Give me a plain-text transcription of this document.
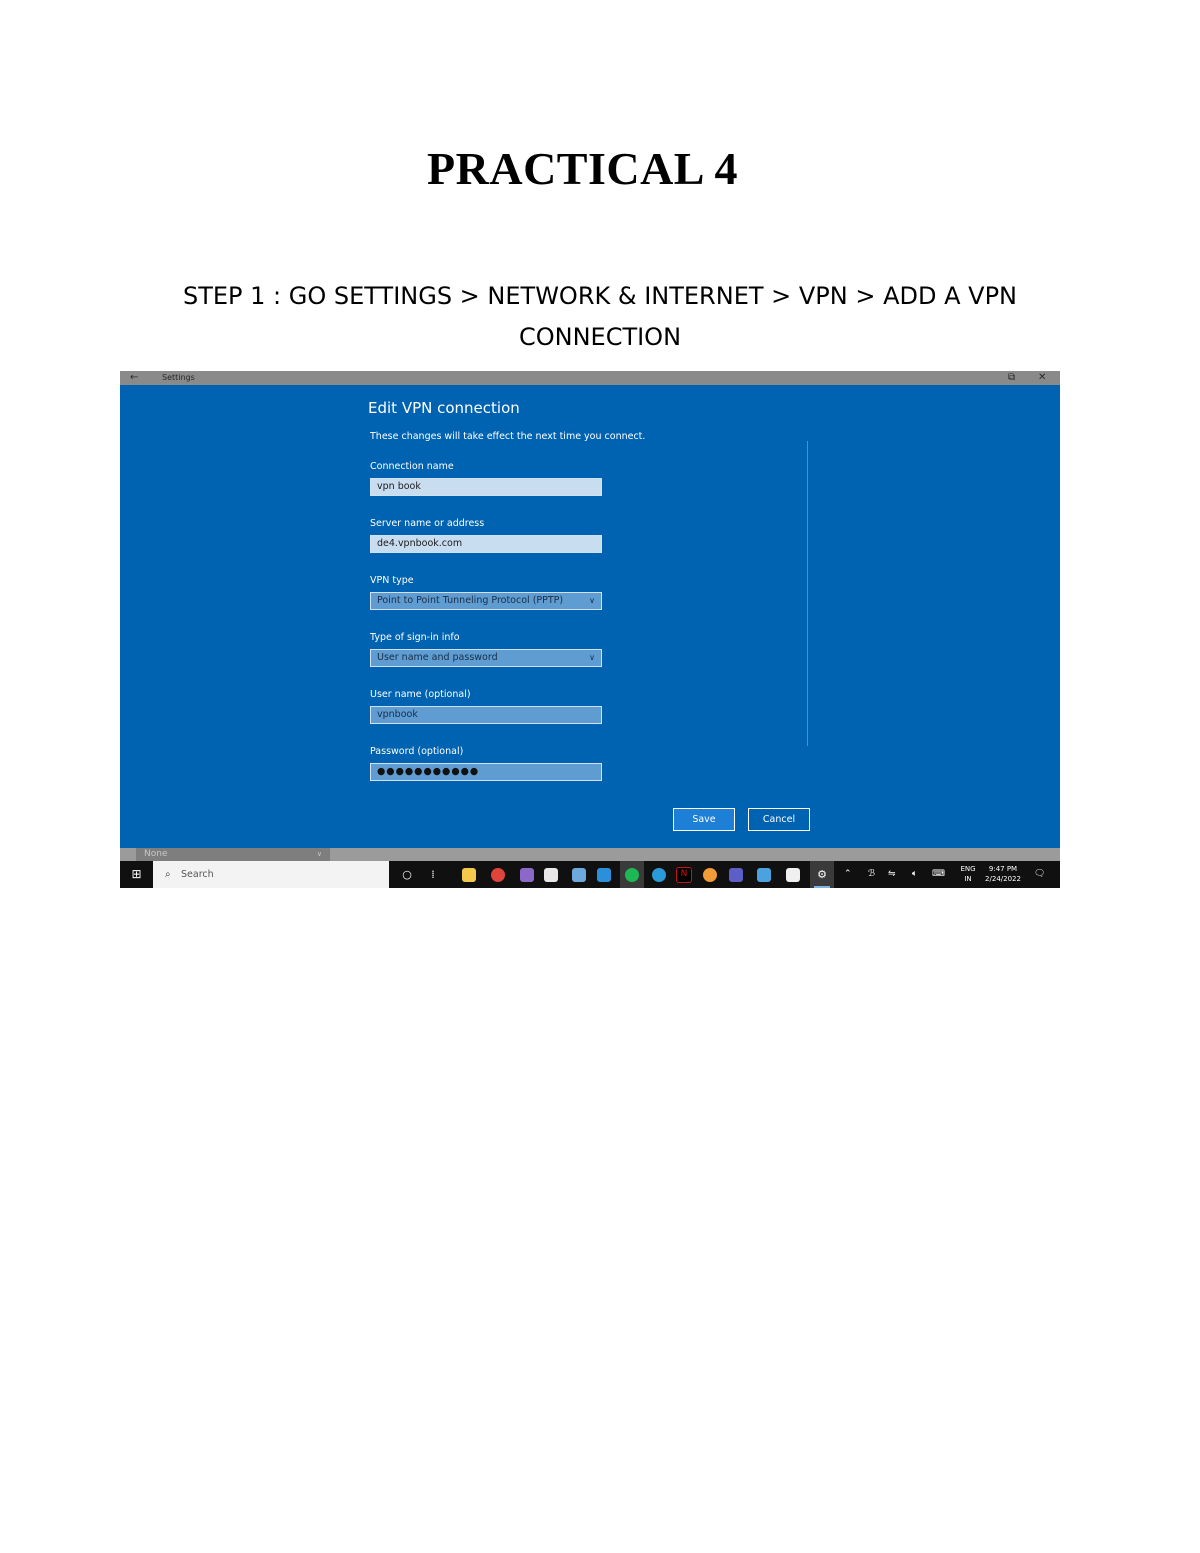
PRACTICAL 4
STEP 1 : GO SETTINGS > NETWORK & INTERNET > VPN > ADD A VPN
CONNECTION
←	Settings	⧉ ✕
Edit VPN connection
These changes will take effect the next time you connect.
Connection name
vpn book
Server name or address
de4.vpnbook.com
VPN type
Point to Point Tunneling Protocol (PPTP)	∨
Type of sign-in info
User name and password	∨
User name (optional)
vpnbook
Password (optional)
●●●●●●●●●●●
Save	Cancel
None	∨
⊞	⌕ Search	○	⁞	N	⚙	⌃ ℬ ⇋ 🔈︎ ⌨︎	ENG
IN
9:47 PM
2/24/2022	🗨︎
